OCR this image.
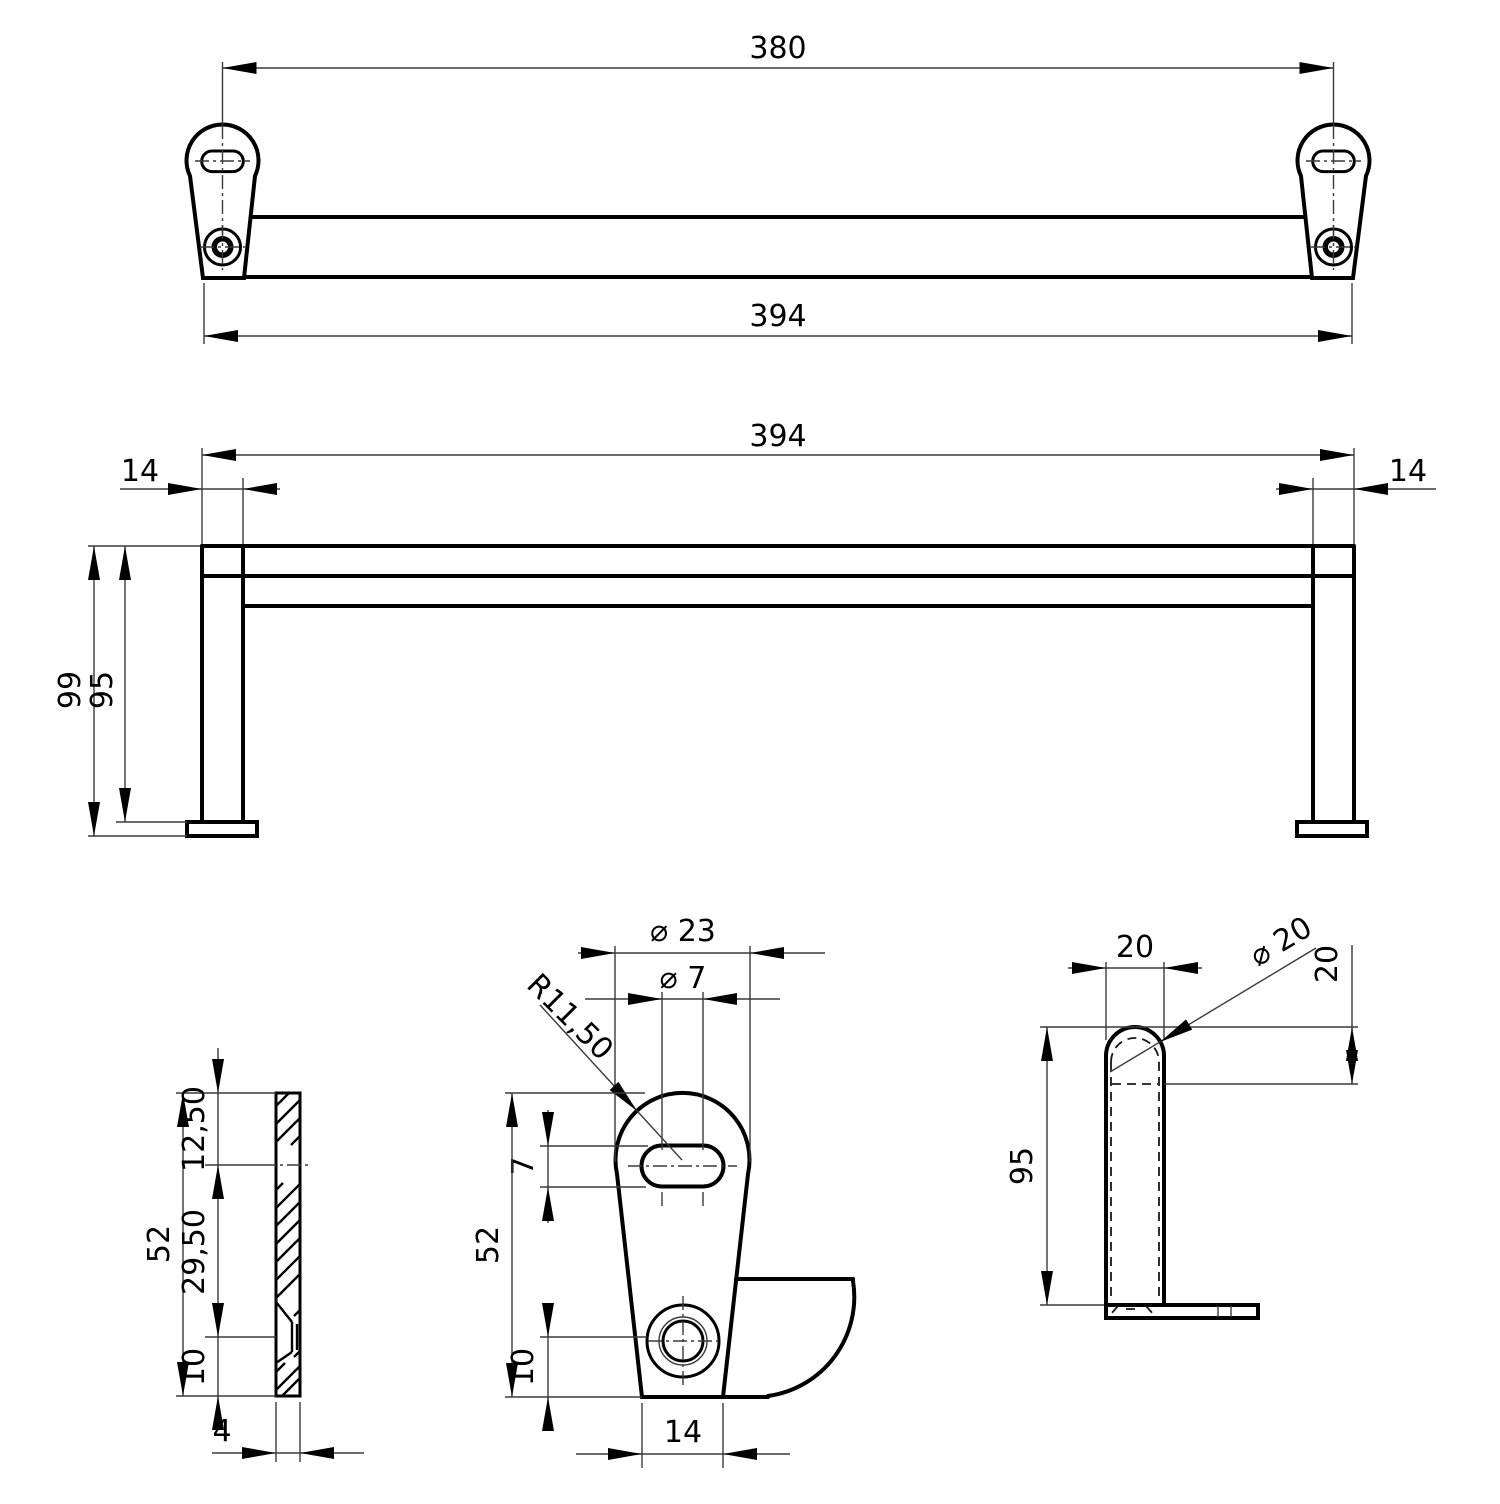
380
394
394
14	14
99
95
52
12,50
29,50
10
4
⌀ 23
⌀ 7
R11,50
7
52
10
14
20	⌀ 20
20
95
